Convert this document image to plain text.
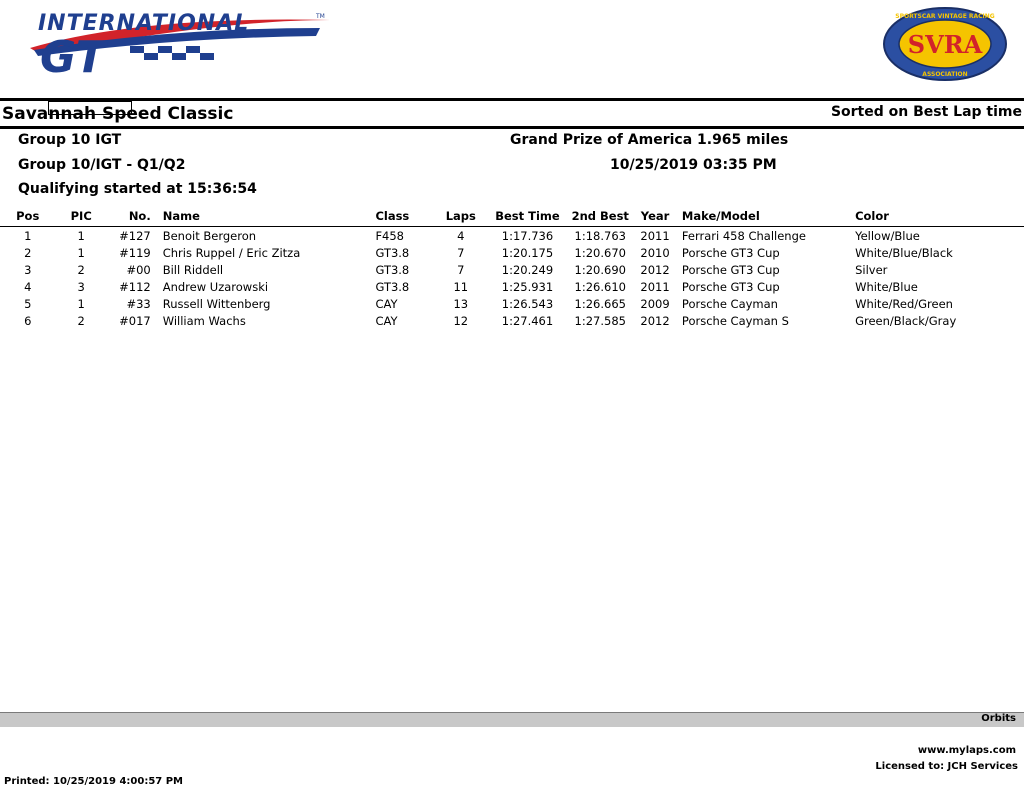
INTERNATIONAL
GT
TM
SVRA
SPORTSCAR VINTAGE RACING
ASSOCIATION
Savannah Speed Classic	Sorted on Best Lap time
Group 10 IGT
Group 10/IGT - Q1/Q2
Qualifying started at 15:36:54
Grand Prize of America 1.965 miles
10/25/2019 03:35 PM
Pos	PIC	No.	Name	Class	Laps	Best Time	2nd Best	Year	Make/Model	Color
1	1	#127	Benoit Bergeron	F458	4	1:17.736	1:18.763	2011	Ferrari 458 Challenge	Yellow/Blue
2	1	#119	Chris Ruppel / Eric Zitza	GT3.8	7	1:20.175	1:20.670	2010	Porsche GT3 Cup	White/Blue/Black
3	2	#00	Bill Riddell	GT3.8	7	1:20.249	1:20.690	2012	Porsche GT3 Cup	Silver
4	3	#112	Andrew Uzarowski	GT3.8	11	1:25.931	1:26.610	2011	Porsche GT3 Cup	White/Blue
5	1	#33	Russell Wittenberg	CAY	13	1:26.543	1:26.665	2009	Porsche Cayman	White/Red/Green
6	2	#017	William Wachs	CAY	12	1:27.461	1:27.585	2012	Porsche Cayman S	Green/Black/Gray
Orbits
www.mylaps.com
Licensed to: JCH Services
Printed: 10/25/2019 4:00:57 PM
